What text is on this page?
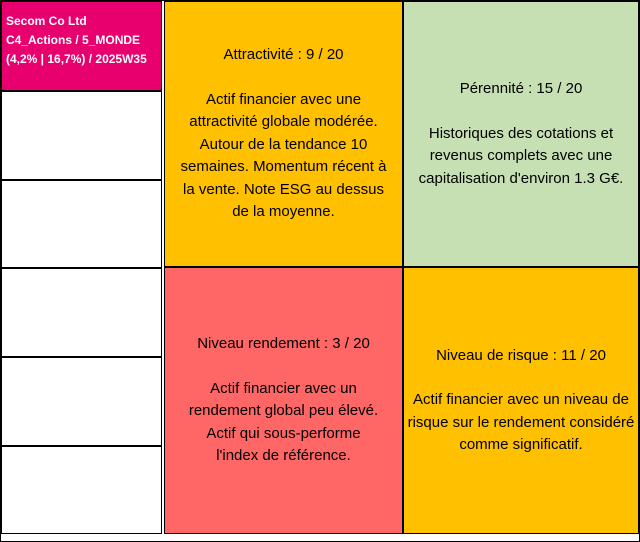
Secom Co Ltd
C4_Actions / 5_MONDE
(4,2% | 16,7%) / 2025W35	Attractivité : 9 / 20
Actif financier avec une attractivité globale modérée. Autour de la tendance 10 semaines. Momentum récent à la vente. Note ESG au dessus de la moyenne.
Pérennité : 15 / 20
Historiques des cotations et revenus complets avec une capitalisation d'environ 1.3 G€.
Niveau rendement : 3 / 20
Actif financier avec un rendement global peu élevé. Actif qui sous-performe l'index de référence.
Niveau de risque : 11 / 20
Actif financier avec un niveau de risque sur le rendement considéré comme significatif.
